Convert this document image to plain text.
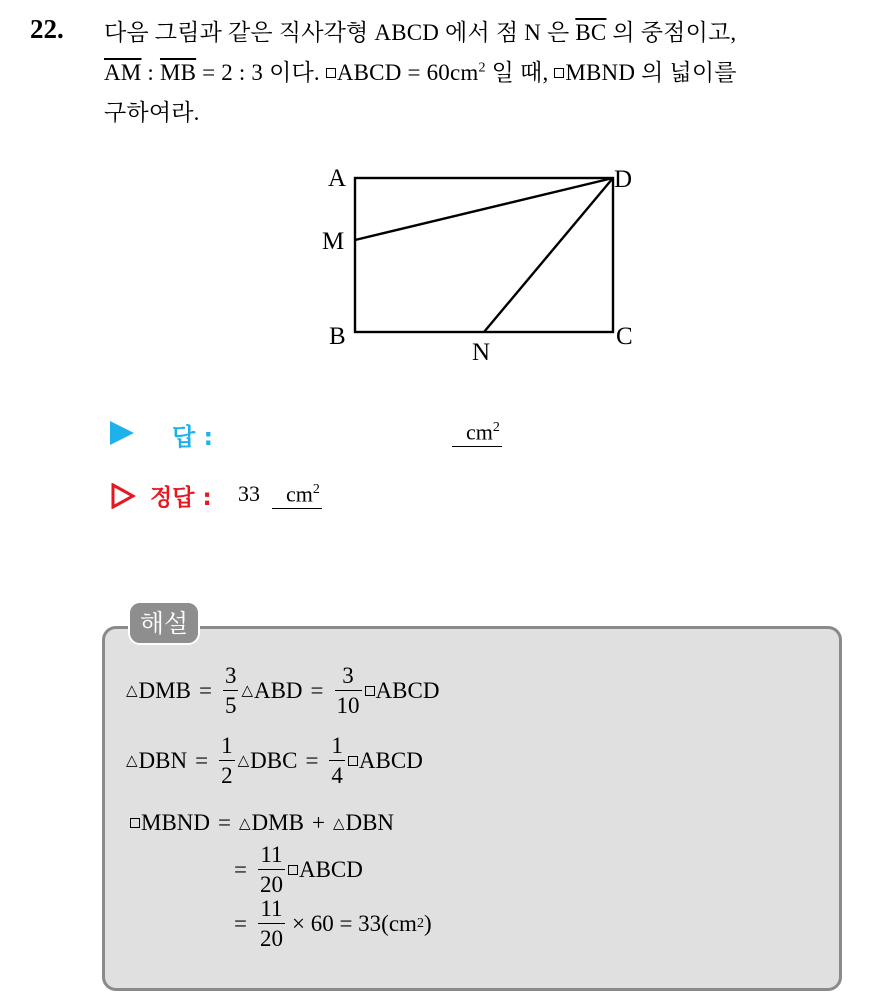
22. 다음 그림과 같은 직사각형 ABCD 에서 점 N 은 $\overline{BC}$ 의 중점이고,
$\overline{AM}$ : $\overline{MB} = 2$ : 3 이다. ABCD = $60cm^2$ 일 때, MBND 의 넓이를
구하여라.
A	D
M
B	C
N
답 :	$cm^2$
정답 : 33	$cm^2$
해설
△ DMB = $\frac{3}{5}$ △ ABD = $\frac{3}{10}$ ABCD
△ DBN = $\frac{1}{2}$ △ DBC = $\frac{1}{4}$ ABCD
MBND = △ DMB + △ DBN
= $\frac{11}{20}$ ABCD
= $\frac{11}{20} \times 60 = 33(cm$ 2 )
